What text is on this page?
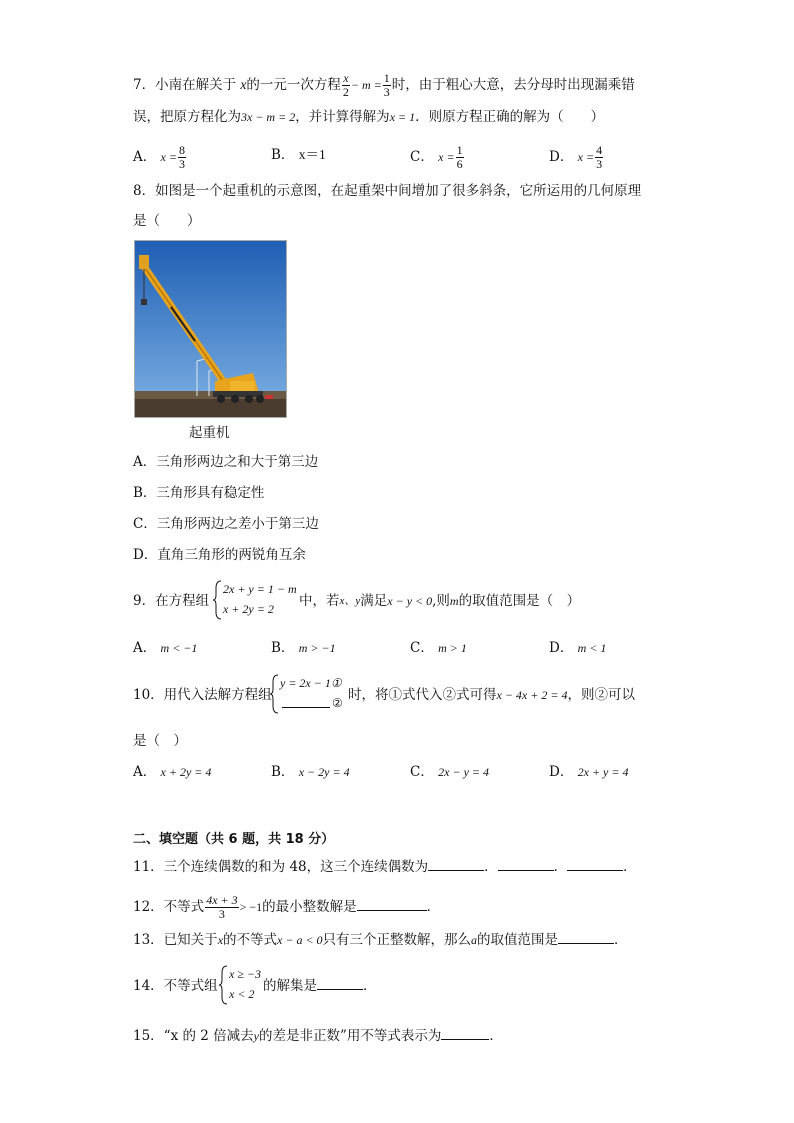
7．小南在解关于 x的一元一次方程 $\frac{x}{2} - m = \frac{1}{3}$ 时，由于粗心大意，去分母时出现漏乘错
误，把原方程化为3x − m = 2，并计算得解为x = 1．则原方程正确的解为（　　）
A． $x = \frac{8}{3}$	B． x＝1	C． $x = \frac{1}{6}$	D． $x = \frac{4}{3}$
8．如图是一个起重机的示意图，在起重架中间增加了很多斜条，它所运用的几何原理
是（　　）
起重机
A．三角形两边之和大于第三边
B．三角形具有稳定性
C．三角形两边之差小于第三边
D．直角三角形的两锐角互余
9．在方程组
2x + y = 1 − m
x + 2y = 2 中，若$^{x、y}$满足x − y < 0,则m的取值范围是（　）
A． m < −1	B． m > −1	C． m > 1	D． m < 1
10．用代入法解方程组
y = 2x − 1①
② 时，将①式代入②式可得x − 4x + 2 = 4，则②可以
是（　）
A． x + 2y = 4	B． x − 2y = 4	C． 2x − y = 4	D． 2x + y = 4
二、填空题（共 6 题，共 18 分）
11．三个连续偶数的和为 48，这三个连续偶数为	．	．	．
12．不等式 $\frac{4x + 3}{3} > -1$的最小整数解是	．
13．已知关于x的不等式x − a < 0只有三个正整数解，那么a的取值范围是	．
14．不等式组
x ≥ −3
x < 2 的解集是	．
15．“x 的 2 倍减去y的差是非正数”用不等式表示为	．
